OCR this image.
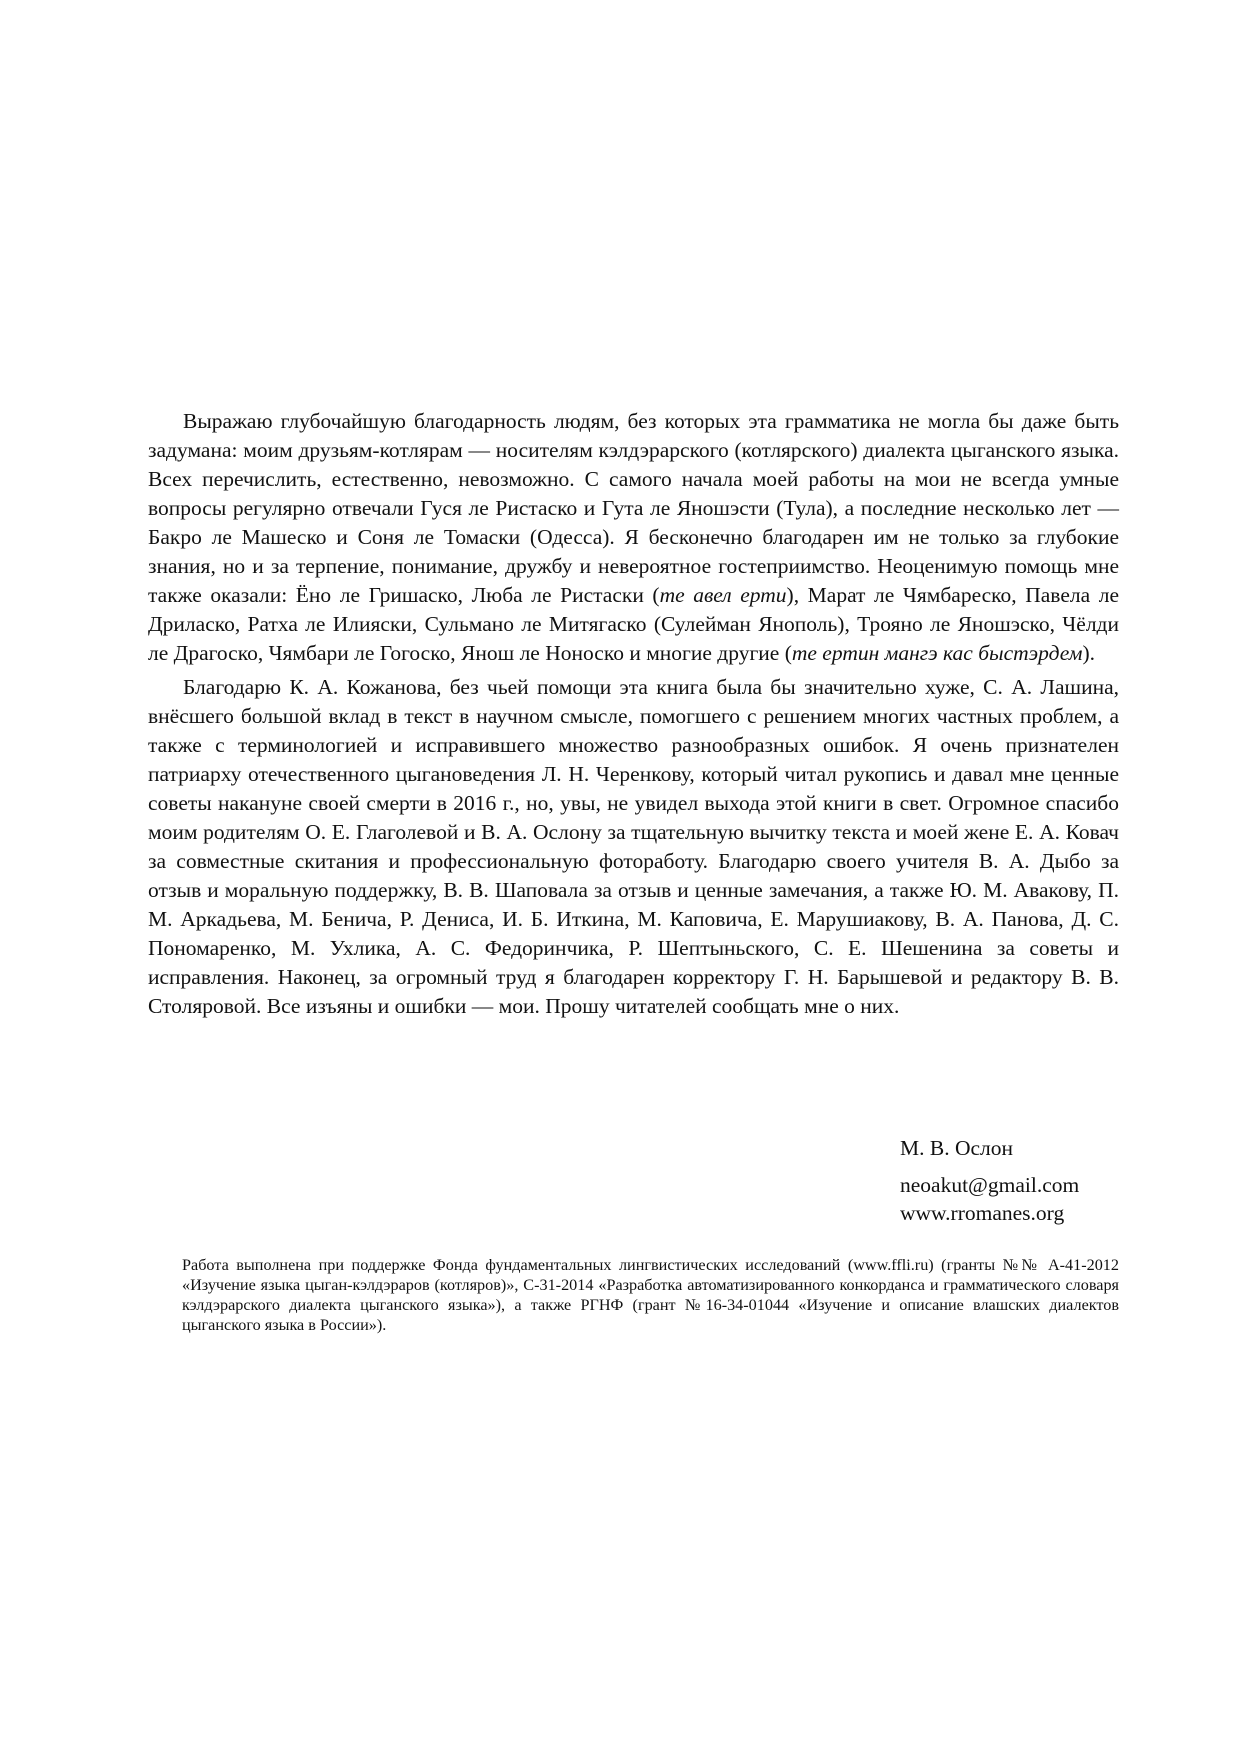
Выражаю глубочайшую благодарность людям, без которых эта грамматика не могла бы даже быть задумана: моим друзьям-котлярам — носителям кэлдэрарского (котлярского) диалекта цыганского языка. Всех перечислить, естественно, невозможно. С самого начала моей работы на мои не всегда умные вопросы регулярно отвечали Гуся ле Ристаско и Гута ле Яношэсти (Тула), а последние несколько лет — Бакро ле Машеско и Соня ле Томаски (Одесса). Я бесконечно благодарен им не только за глубокие знания, но и за терпение, понимание, дружбу и невероятное гостеприимство. Неоценимую помощь мне также оказали: Ёно ле Гришаско, Люба ле Ристаски (те авел ерти), Марат ле Чямбареско, Павела ле Дриласко, Ратха ле Илияски, Сульмано ле Митягаско (Сулейман Янополь), Трояно ле Яношэско, Чёлди ле Драгоско, Чямбари ле Гогоско, Янош ле Ноноско и многие другие (те ертин мангэ кас быстэрдем).

Благодарю К. А. Кожанова, без чьей помощи эта книга была бы значительно хуже, С. А. Лашина, внёсшего большой вклад в текст в научном смысле, помогшего с решением многих частных проблем, а также с терминологией и исправившего множество разнообразных ошибок. Я очень признателен патриарху отечественного цыгановедения Л. Н. Черенкову, который читал рукопись и давал мне ценные советы накануне своей смерти в 2016 г., но, увы, не увидел выхода этой книги в свет. Огромное спасибо моим родителям О. Е. Глаголевой и В. А. Ослону за тщательную вычитку текста и моей жене Е. А. Ковач за совместные скитания и профессиональную фотоработу. Благодарю своего учителя В. А. Дыбо за отзыв и моральную поддержку, В. В. Шаповала за отзыв и ценные замечания, а также Ю. М. Авакову, П. М. Аркадьева, М. Бенича, Р. Дениса, И. Б. Иткина, М. Каповича, Е. Марушиакову, В. А. Панова, Д. С. Пономаренко, М. Ухлика, А. С. Федоринчика, Р. Шептыньского, С. Е. Шешенина за советы и исправления. Наконец, за огромный труд я благодарен корректору Г. Н. Барышевой и редактору В. В. Столяровой. Все изъяны и ошибки — мои. Прошу читателей сообщать мне о них.

М. В. Ослон

neoakut@gmail.com

www.rromanes.org

Работа выполнена при поддержке Фонда фундаментальных лингвистических исследований (www.ffli.ru) (гранты №№ А-41-2012 «Изучение языка цыган-кэлдэраров (котляров)», С-31-2014 «Разработка автоматизированного конкорданса и грамматического словаря кэлдэрарского диалекта цыганского языка»), а также РГНФ (грант №16-34-01044 «Изучение и описание влашских диалектов цыганского языка в России»).
